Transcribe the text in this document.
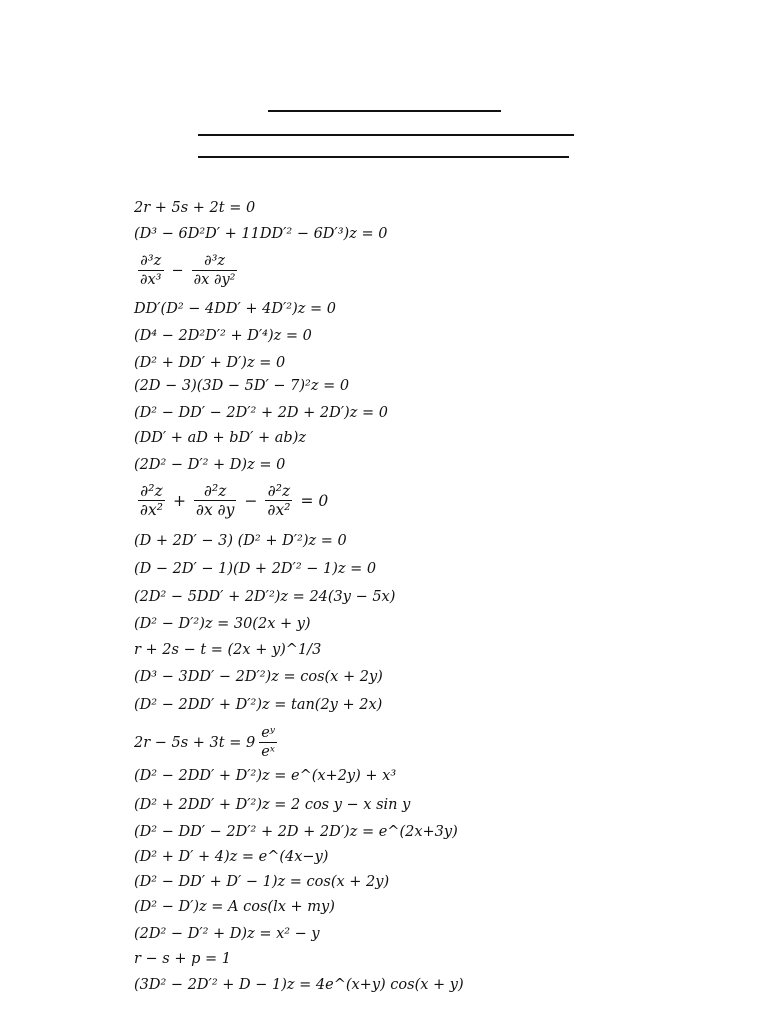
2r + 5s + 2t = 0
(D³ − 6D²D′ + 11DD′² − 6D′³)z = 0
$\frac{\text{∂³z}}{\text{∂x³}} - \frac{\text{∂³z}}{\text{∂x ∂y²}}$
DD′(D² − 4DD′ + 4D′²)z = 0
(D⁴ − 2D²D′² + D′⁴)z = 0
(D² + DD′ + D′)z = 0
(2D − 3)(3D − 5D′ − 7)²z = 0
(D² − DD′ − 2D′² + 2D + 2D′)z = 0
(DD′ + aD + bD′ + ab)z
(2D² − D′² + D)z = 0
$\frac{\text{∂²z}}{\text{∂x²}} + \frac{\text{∂²z}}{\partial x \partial y} - \frac{\text{∂²z}}{\text{∂x²}} = 0$
(D + 2D′ − 3) (D² + D′²)z = 0
(D − 2D′ − 1)(D + 2D′² − 1)z = 0
(2D² − 5DD′ + 2D′²)z = 24(3y − 5x)
(D² − D′²)z = 30(2x + y)
r + 2s − t = (2x + y)^1/3
(D³ − 3DD′ − 2D′²)z = cos(x + 2y)
(D² − 2DD′ + D′²)z = tan(2y + 2x)
$2r - 5s + 3t = 9 \frac{\text{eʸ}}{\text{eˣ}}$
(D² − 2DD′ + D′²)z = e^(x+2y) + x³
(D² + 2DD′ + D′²)z = 2 cos y − x sin y
(D² − DD′ − 2D′² + 2D + 2D′)z = e^(2x+3y)
(D² + D′ + 4)z = e^(4x−y)
(D² − DD′ + D′ − 1)z = cos(x + 2y)
(D² − D′)z = A cos(lx + my)
(2D² − D′² + D)z = x² − y
r − s + p = 1
(3D² − 2D′² + D − 1)z = 4e^(x+y) cos(x + y)
